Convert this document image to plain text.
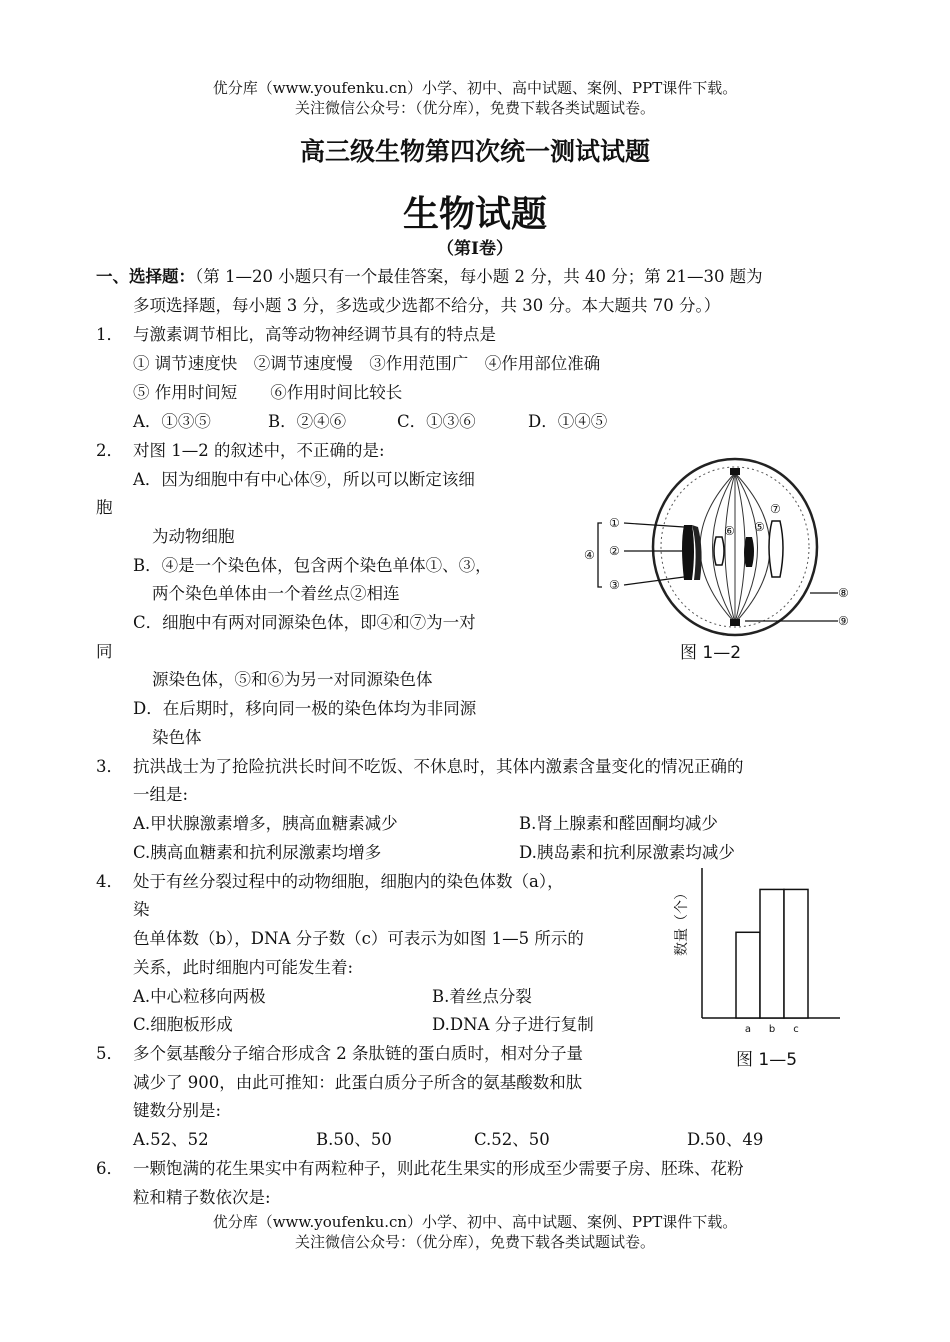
优分库（www.youfenku.cn）小学、初中、高中试题、案例、PPT课件下载。
关注微信公众号：（优分库），免费下载各类试题试卷。
高三级生物第四次统一测试试题
生物试题
（第Ⅰ卷）
一、选择题：（第 1—20 小题只有一个最佳答案，每小题 2 分，共 40 分；第 21—30 题为
多项选择题，每小题 3 分，多选或少选都不给分，共 30 分。本大题共 70 分。）
1． 与激素调节相比，高等动物神经调节具有的特点是
① 调节速度快　②调节速度慢　③作用范围广　④作用部位准确
⑤ 作用时间短　　⑥作用时间比较长
A．①③⑤	B．②④⑥	C．①③⑥	D．①④⑤
2． 对图 1—2 的叙述中，不正确的是:
A．因为细胞中有中心体⑨，所以可以断定该细
胞
为动物细胞
B．④是一个染色体，包含两个染色单体①、③，
两个染色单体由一个着丝点②相连
C．细胞中有两对同源染色体，即④和⑦为一对
同
源染色体，⑤和⑥为另一对同源染色体
D．在后期时，移向同一极的染色体均为非同源
染色体
①
②
③
④
⑤
⑥
⑦
⑧
⑨
图 1—2
3． 抗洪战士为了抢险抗洪长时间不吃饭、不休息时，其体内激素含量变化的情况正确的
一组是:
A.甲状腺激素增多，胰高血糖素减少	B.肾上腺素和醛固酮均减少
C.胰高血糖素和抗利尿激素均增多	D.胰岛素和抗利尿激素均减少
4． 处于有丝分裂过程中的动物细胞，细胞内的染色体数（a），
染
色单体数（b），DNA 分子数（c）可表示为如图 1—5 所示的
关系，此时细胞内可能发生着:
A.中心粒移向两极	B.着丝点分裂
C.细胞板形成	D.DNA 分子进行复制
数量（个）
a b c
图 1—5
5． 多个氨基酸分子缩合形成含 2 条肽链的蛋白质时，相对分子量
减少了 900，由此可推知：此蛋白质分子所含的氨基酸数和肽
键数分别是:
A.52、52	B.50、50	C.52、50	D.50、49
6． 一颗饱满的花生果实中有两粒种子，则此花生果实的形成至少需要子房、胚珠、花粉
粒和精子数依次是:
优分库（www.youfenku.cn）小学、初中、高中试题、案例、PPT课件下载。
关注微信公众号：（优分库），免费下载各类试题试卷。
